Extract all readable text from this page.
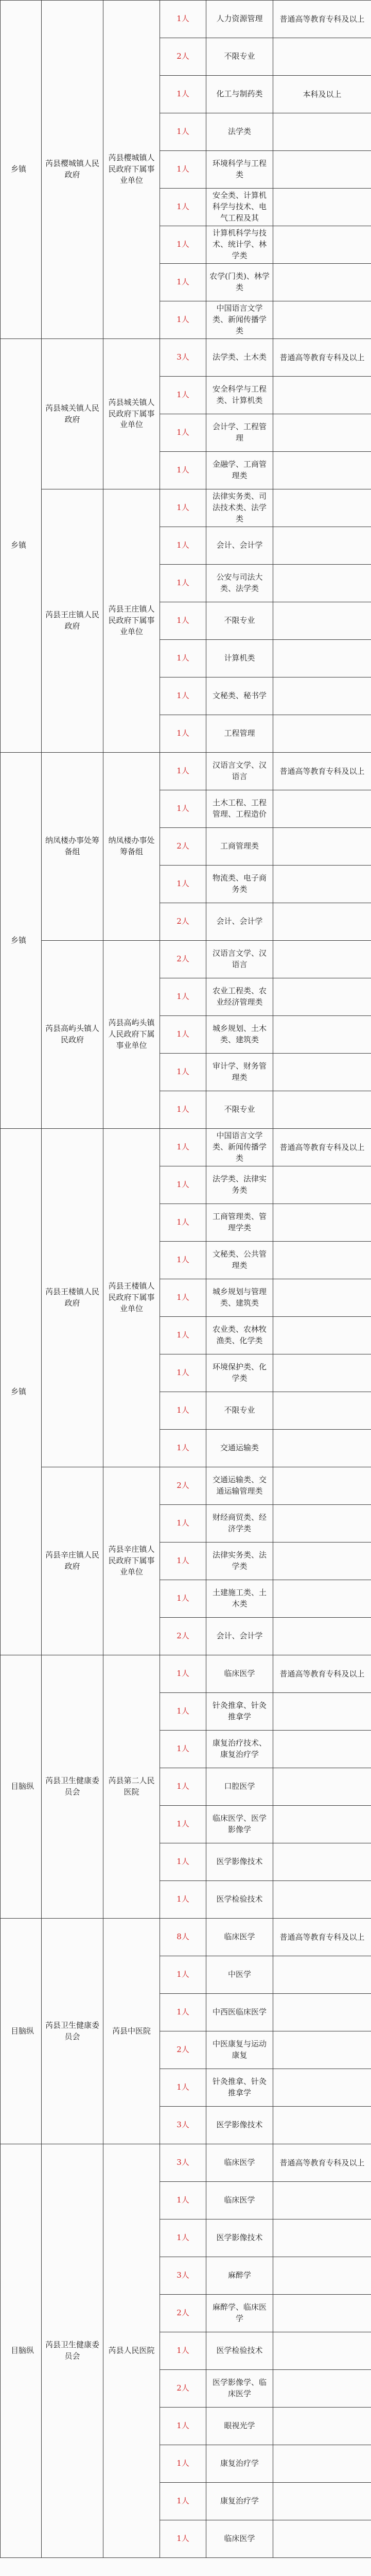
乡镇	芮县樱城镇人民政府	芮县樱城镇人民政府下属事业单位	1人	人力资源管理	普通高等教育专科及以上
			2人	不限专业	
			1人	化工与制药类	本科及以上
			1人	法学类	
			1人	环境科学与工程类	
			1人	安全类、计算机科学与技术、电气工程及其	
			1人	计算机科学与技术、统计学、林学类	
			1人	农学(门类)、林学类	
			1人	中国语言文学类、新闻传播学类	
乡镇	芮县城关镇人民政府	芮县城关镇人民政府下属事业单位	3人	法学类、土木类	普通高等教育专科及以上
			1人	安全科学与工程类、计算机类	
			1人	会计学、工程管理	
			1人	金融学、工商管理类	
	芮县王庄镇人民政府	芮县王庄镇人民政府下属事业单位	1人	法律实务类、司法技术类、法学类	
			1人	会计、会计学	
			1人	公安与司法大类、法学类	
			1人	不限专业	
			1人	计算机类	
			1人	文秘类、秘书学	
			1人	工程管理	
乡镇	纳凤楼办事处筹备组	纳凤楼办事处筹备组	1人	汉语言文学、汉语言	普通高等教育专科及以上
			1人	土木工程、工程管理、工程造价	
			2人	工商管理类	
			1人	物流类、电子商务类	
			2人	会计、会计学	
	芮县高屿头镇人民政府	芮县高屿头镇人民政府下属事业单位	2人	汉语言文学、汉语言	
			1人	农业工程类、农业经济管理类	
			1人	城乡规划、土木类、建筑类	
			1人	审计学、财务管理类	
			1人	不限专业	
乡镇	芮县王楼镇人民政府	芮县王楼镇人民政府下属事业单位	1人	中国语言文学类、新闻传播学类	普通高等教育专科及以上
			1人	法学类、法律实务类	
			1人	工商管理类、管理学类	
			1人	文秘类、公共管理类	
			1人	城乡规划与管理类、建筑类	
			1人	农业类、农林牧渔类、化学类	
			1人	环境保护类、化学类	
			1人	不限专业	
			1人	交通运输类	
	芮县辛庄镇人民政府	芮县辛庄镇人民政府下属事业单位	2人	交通运输类、交通运输管理类	
			1人	财经商贸类、经济学类	
			1人	法律实务类、法学类	
			1人	土建施工类、土木类	
			2人	会计、会计学	
目脑纵	芮县卫生健康委员会	芮县第二人民医院	1人	临床医学	普通高等教育专科及以上
			1人	针灸推拿、针灸推拿学	
			1人	康复治疗技术、康复治疗学	
			1人	口腔医学	
			1人	临床医学、医学影像学	
			1人	医学影像技术	
			1人	医学检验技术	
目脑纵	芮县卫生健康委员会	芮县中医院	8人	临床医学	普通高等教育专科及以上
			1人	中医学	
			1人	中西医临床医学	
			2人	中医康复与运动康复	
			1人	针灸推拿、针灸推拿学	
			3人	医学影像技术	
目脑纵	芮县卫生健康委员会	芮县人民医院	3人	临床医学	普通高等教育专科及以上
			1人	临床医学	
			1人	医学影像技术	
			3人	麻醉学	
			2人	麻醉学、临床医学	
			1人	医学检验技术	
			2人	医学影像学、临床医学	
			1人	眼视光学	
			1人	康复治疗学	
			1人	康复治疗学	
			1人	临床医学	
